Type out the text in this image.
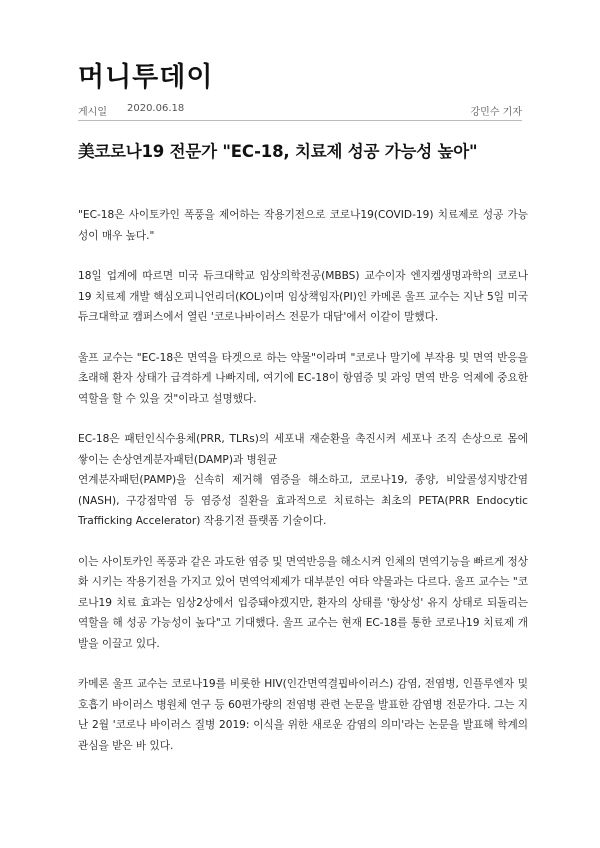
머니투데이
게시일 2020.06.18	강민수 기자
美코로나19 전문가 "EC-18, 치료제 성공 가능성 높아"

"EC-18은 사이토카인 폭풍을 제어하는 작용기전으로 코로나19(COVID-19) 치료제로 성공 가능성이 매우 높다."

18일 업계에 따르면 미국 듀크대학교 임상의학전공(MBBS) 교수이자 엔지켐생명과학의 코로나19 치료제 개발 핵심오피니언리더(KOL)이며 임상책임자(PI)인 카메론 울프 교수는 지난 5일 미국 듀크대학교 캠퍼스에서 열린 '코로나바이러스 전문가 대담'에서 이같이 말했다.

울프 교수는 "EC-18은 면역을 타겟으로 하는 약물"이라며 "코로나 말기에 부작용 및 면역 반응을 초래해 환자 상태가 급격하게 나빠지데, 여기에 EC-18이 항염증 및 과잉 면역 반응 억제에 중요한 역할을 할 수 있을 것"이라고 설명했다.

EC-18은 패턴인식수용체(PRR, TLRs)의 세포내 재순환을 촉진시켜 세포나 조직 손상으로 몸에 쌓이는 손상연계분자패턴(DAMP)과 병원균
연계분자패턴(PAMP)을 신속히 제거해 염증을 해소하고, 코로나19, 종양, 비알콜성지방간염(NASH), 구강점막염 등 염증성 질환을 효과적으로 치료하는 최초의 PETA(PRR Endocytic Trafficking Accelerator) 작용기전 플랫폼 기술이다.

이는 사이토카인 폭풍과 같은 과도한 염증 및 면역반응을 해소시켜 인체의 면역기능을 빠르게 정상화 시키는 작용기전을 가지고 있어 면역억제제가 대부분인 여타 약물과는 다르다. 울프 교수는 "코로나19 치료 효과는 임상2상에서 입증돼야겠지만, 환자의 상태를 '항상성' 유지 상태로 되돌리는 역할을 해 성공 가능성이 높다"고 기대했다. 울프 교수는 현재 EC-18를 통한 코로나19 치료제 개발을 이끌고 있다.

카메론 울프 교수는 코로나19를 비롯한 HIV(인간면역결핍바이러스) 감염, 전염병, 인플루엔자 및 호흡기 바이러스 병원체 연구 등 60편가량의 전염병 관련 논문을 발표한 감염병 전문가다. 그는 지난 2월 '코로나 바이러스 질병 2019: 이식을 위한 새로운 감염의 의미'라는 논문을 발표해 학계의 관심을 받은 바 있다.
